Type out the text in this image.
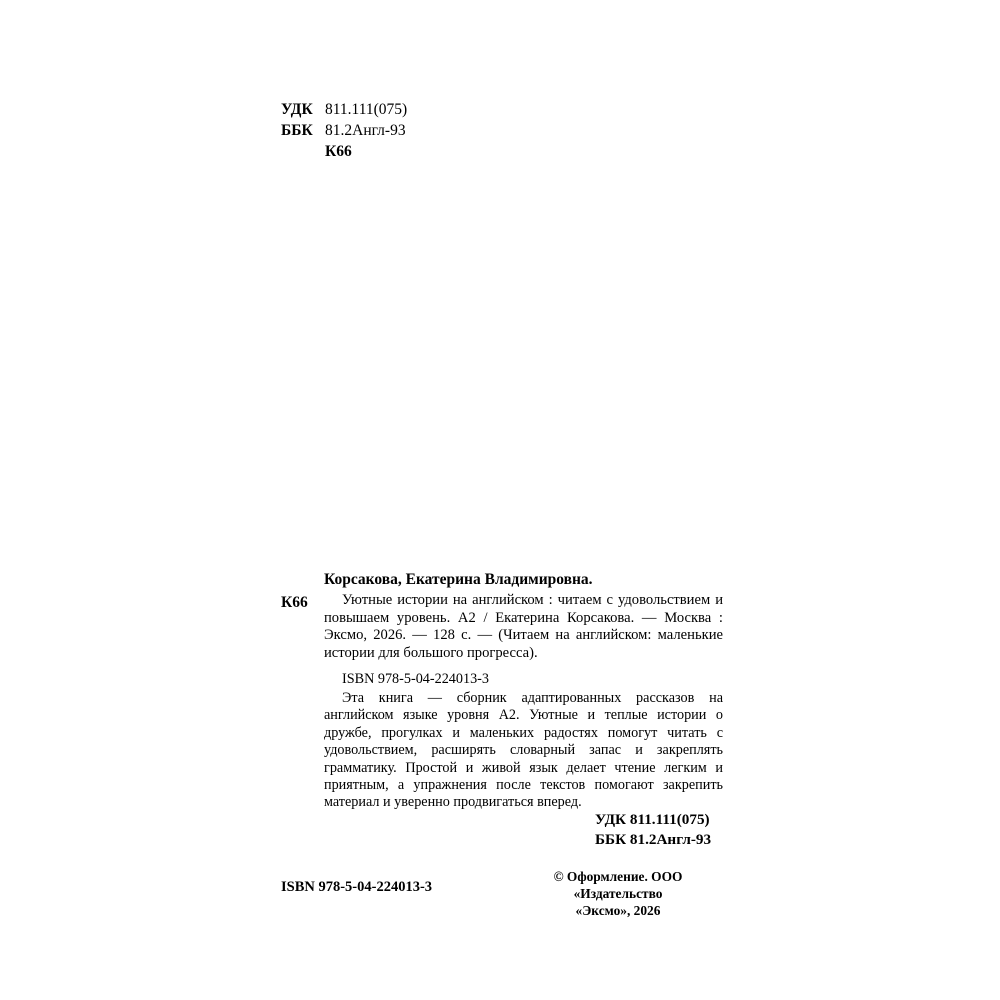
УДК 811.111(075)
ББК 81.2Англ-93
К66
Корсакова, Екатерина Владимировна.
К66	Уютные истории на английском : читаем с удовольствием и повышаем уровень. А2 / Екатерина Корсакова. — Москва : Эксмо, 2026. — 128 с. — (Читаем на английском: маленькие истории для большого прогресса).
ISBN 978-5-04-224013-3
Эта книга — сборник адаптированных рассказов на английском языке уровня А2. Уютные и теплые истории о дружбе, прогулках и маленьких радостях помогут читать с удовольствием, расширять словарный запас и закреплять грамматику. Простой и живой язык делает чтение легким и приятным, а упражнения после текстов помогают закрепить материал и уверенно продвигаться вперед.
УДК 811.111(075)
ББК 81.2Англ-93
ISBN 978-5-04-224013-3
© Оформление. ООО «Издательство
«Эксмо», 2026
